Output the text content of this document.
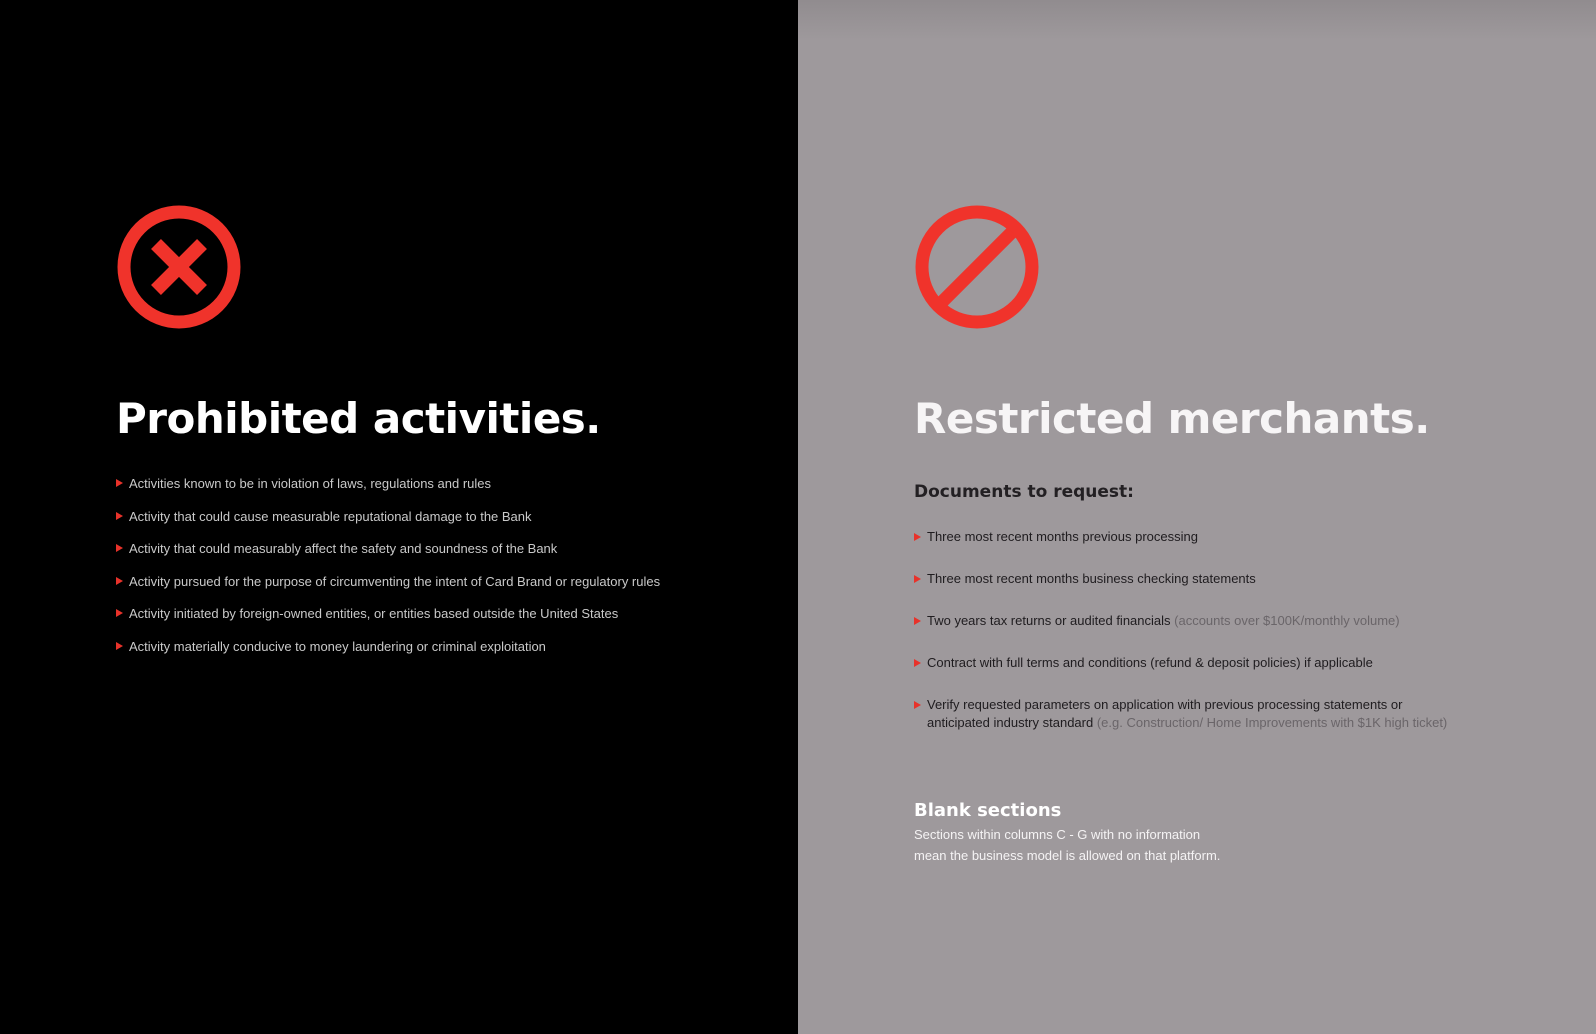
Prohibited activities.
Activities known to be in violation of laws, regulations and rules
Activity that could cause measurable reputational damage to the Bank
Activity that could measurably affect the safety and soundness of the Bank
Activity pursued for the purpose of circumventing the intent of Card Brand or regulatory rules
Activity initiated by foreign-owned entities, or entities based outside the United States
Activity materially conducive to money laundering or criminal exploitation
Restricted merchants.
Documents to request:
Three most recent months previous processing
Three most recent months business checking statements
Two years tax returns or audited financials (accounts over $100K/monthly volume)
Contract with full terms and conditions (refund & deposit policies) if applicable
Verify requested parameters on application with previous processing statements or
anticipated industry standard (e.g. Construction/ Home Improvements with $1K high ticket)
Blank sections

Sections within columns C - G with no information
mean the business model is allowed on that platform.
